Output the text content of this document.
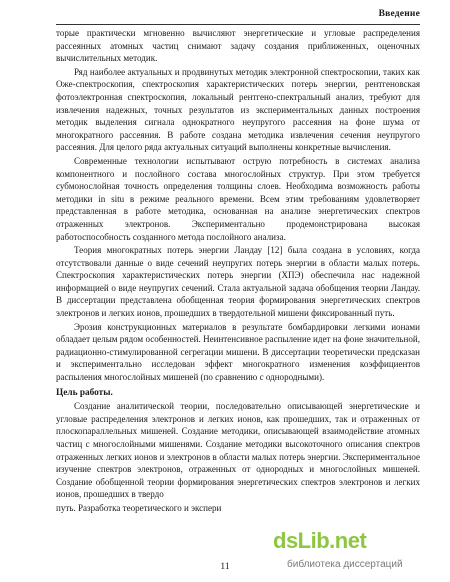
Введение

торые практически мгновенно вычисляют энергетические и угловые распределения рассеянных атомных частиц снимают задачу создания приближенных, оценочных вычислительных методик.

Ряд наиболее актуальных и продвинутых методик электронной спектроскопии, таких как Оже-спектроскопия, спектроскопия характеристических потерь энергии, рентгеновская фотоэлектронная спектроскопия, локальный рентгено-спектральный анализ, требуют для извлечения надежных, точных результатов из экспериментальных данных построения методик выделения сигнала однократного неупругого рассеяния на фоне шума от многократного рассеяния. В работе создана методика извлечения сечения неупругого рассеяния. Для целого ряда актуальных ситуаций выполнены конкретные вычисления.

Современные технологии испытывают острую потребность в системах анализа компонентного и послойного состава многослойных структур. При этом требуется субмонослойная точность определения толщины слоев. Необходима возможность работы методики in situ в режиме реального времени. Всем этим требованиям удовлетворяет представленная в работе методика, основанная на анализе энергетических спектров отраженных электронов. Экспериментально продемонстрирована высокая работоспособность созданного метода послойного анализа.

Теория многократных потерь энергии Ландау [12] была создана в условиях, когда отсутствовали данные о виде сечений неупругих потерь энергии в области малых потерь. Спектроскопия характеристических потерь энергии (ХПЭ) обеспечила нас надежной информацией о виде неупругих сечений. Стала актуальной задача обобщения теории Ландау. В диссертации представлена обобщенная теория формирования энергетических спектров электронов и легких ионов, прошедших в твердотельной мишени фиксированный путь.

Эрозия конструкционных материалов в результате бомбардировки легкими ионами обладает целым рядом особенностей. Неинтенсивное распыление идет на фоне значительной, радиационно-стимулированной сегрегации мишени. В диссертации теоретически предсказан и экспериментально исследован эффект многократного изменения коэффициентов распыления многослойных мишеней (по сравнению с однородными).

Цель работы.

Создание аналитической теории, последовательно описывающей энергетические и угловые распределения электронов и легких ионов, как прошедших, так и отраженных от плоскопараллельных мишеней. Создание методики, описывающей взаимодействие атомных частиц с многослойными мишенями. Создание методики высокоточного описания спектров отраженных легких ионов и электронов в области малых потерь энергии. Экспериментальное изучение спектров электронов, отраженных от однородных и многослойных мишеней. Создание обобщенной теории формирования энергетических спектров электронов и легких ионов, прошедших в твердо

путь. Разработка теоретического и экспери

11
dsLib.net
библиотека диссертаций
